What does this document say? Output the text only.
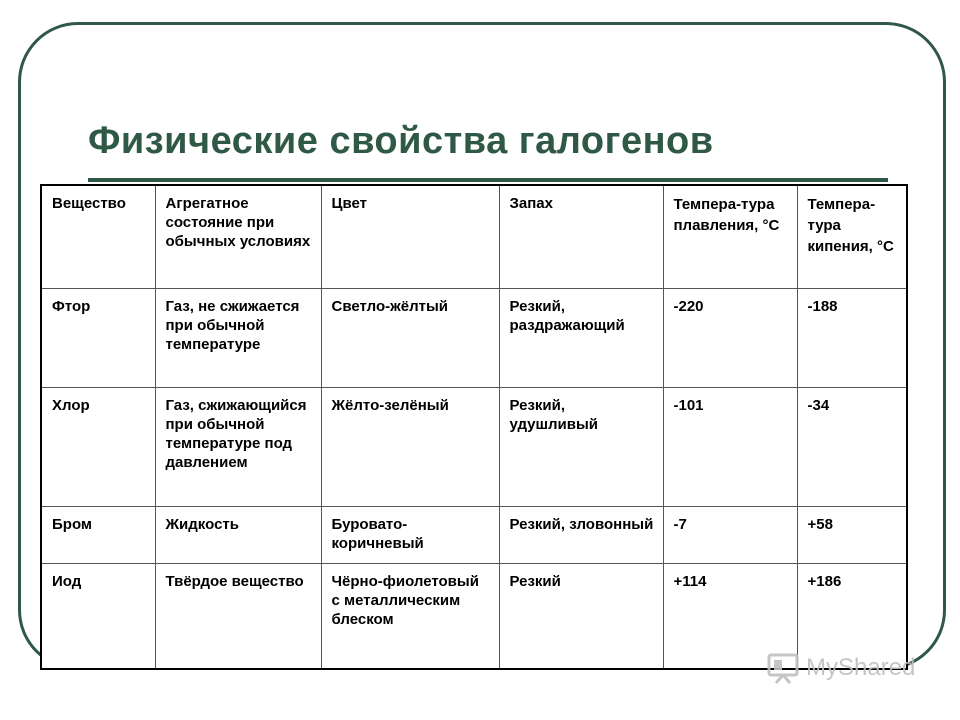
Физические свойства галогенов
Вещество	Агрегатное состояние при обычных условиях	Цвет	Запах	Темпера-тура плавления, °С	Темпера-тура кипения, °С
Фтор	Газ, не сжижается при обычной температуре	Светло-жёлтый	Резкий, раздражающий	-220	-188
Хлор	Газ, сжижающийся при обычной температуре под давлением	Жёлто-зелёный	Резкий, удушливый	-101	-34
Бром	Жидкость	Буровато-коричневый	Резкий, зловонный	-7	+58
Иод	Твёрдое вещество	Чёрно-фиолетовый с металлическим блеском	Резкий	+114	+186
MyShared
